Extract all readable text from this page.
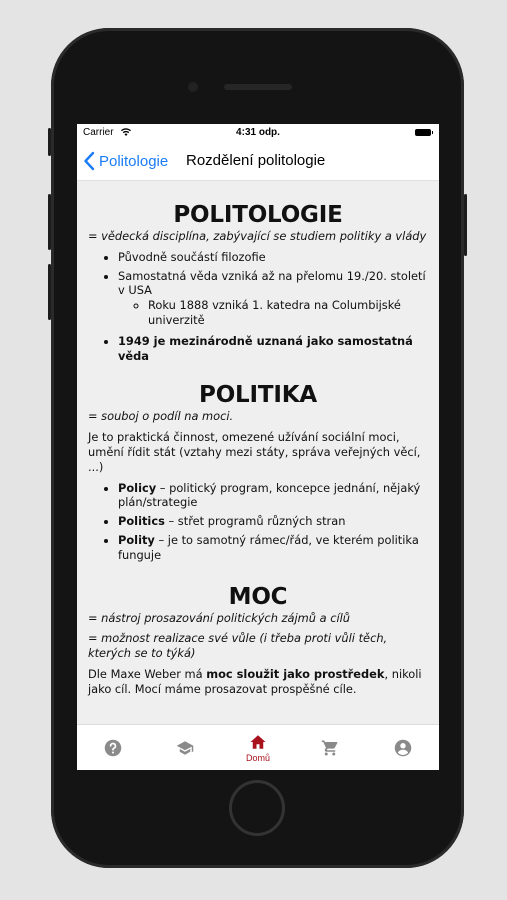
Carrier	4:31 odp.
Politologie Rozdělení politologie
POLITOLOGIE

= vědecká disciplína, zabývající se studiem politiky a vlády

• Původně součástí filozofie
• Samostatná věda vzniká až na přelomu 19./20. století v USA
◦ Roku 1888 vzniká 1. katedra na Columbijské univerzitě
• 1949 je mezinárodně uznaná jako samostatná věda
POLITIKA

= souboj o podíl na moci.

Je to praktická činnost, omezené užívání sociální moci, umění řídit stát (vztahy mezi státy, správa veřejných věcí, ...)

• Policy – politický program, koncepce jednání, nějaký plán/strategie
• Politics – střet programů různých stran
• Polity – je to samotný rámec/řád, ve kterém politika funguje
MOC

= nástroj prosazování politických zájmů a cílů

= možnost realizace své vůle (i třeba proti vůli těch, kterých se to týká)

Dle Maxe Weber má moc sloužit jako prostředek, nikoli jako cíl. Mocí máme prosazovat prospěšné cíle.

Domů
